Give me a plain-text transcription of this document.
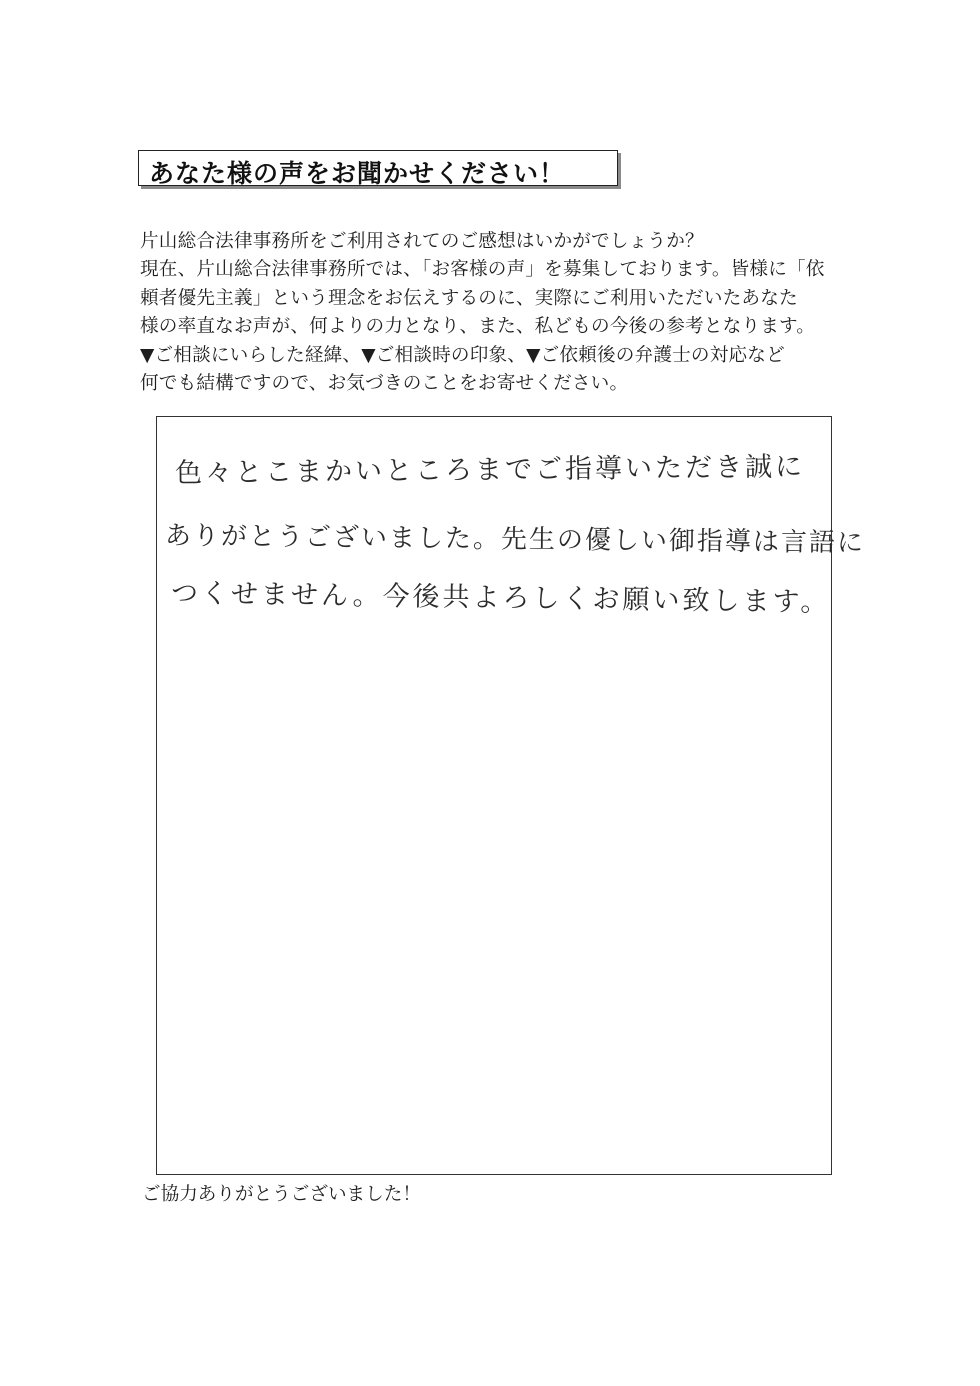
あなた様の声をお聞かせください！
片山総合法律事務所をご利用されてのご感想はいかがでしょうか？
現在、片山総合法律事務所では、「お客様の声」を募集しております。皆様に「依
頼者優先主義」という理念をお伝えするのに、実際にご利用いただいたあなた
様の率直なお声が、何よりの力となり、また、私どもの今後の参考となります。
▼ご相談にいらした経緯、▼ご相談時の印象、▼ご依頼後の弁護士の対応など
何でも結構ですので、お気づきのことをお寄せください。
色々とこまかいところまでご指導いただき誠に
ありがとうございました。先生の優しい御指導は言語に
つくせません。今後共よろしくお願い致します。
ご協力ありがとうございました！
